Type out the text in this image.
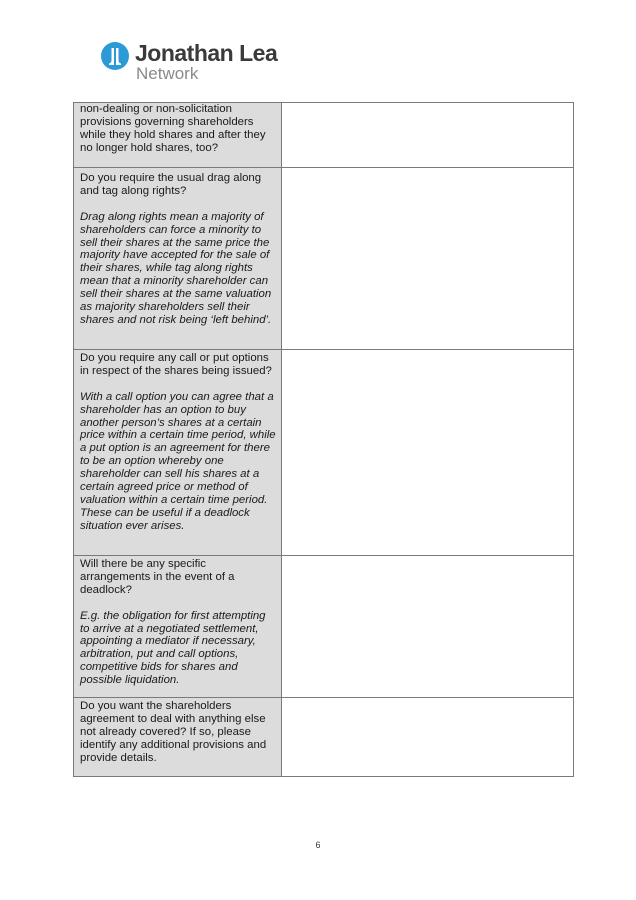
Jonathan Lea
Network

non-dealing or non-solicitation provisions governing shareholders while they hold shares and after they no longer hold shares, too?	

Do you require the usual drag along and tag along rights?

Drag along rights mean a majority of shareholders can force a minority to sell their shares at the same price the majority have accepted for the sale of their shares, while tag along rights mean that a minority shareholder can sell their shares at the same valuation as majority shareholders sell their shares and not risk being ‘left behind’.	

Do you require any call or put options in respect of the shares being issued?

With a call option you can agree that a shareholder has an option to buy another person’s shares at a certain price within a certain time period, while a put option is an agreement for there to be an option whereby one shareholder can sell his shares at a certain agreed price or method of valuation within a certain time period. These can be useful if a deadlock situation ever arises.	

Will there be any specific arrangements in the event of a deadlock?

E.g. the obligation for first attempting to arrive at a negotiated settlement, appointing a mediator if necessary, arbitration, put and call options, competitive bids for shares and possible liquidation.	

Do you want the shareholders agreement to deal with anything else not already covered? If so, please identify any additional provisions and provide details.	

6
